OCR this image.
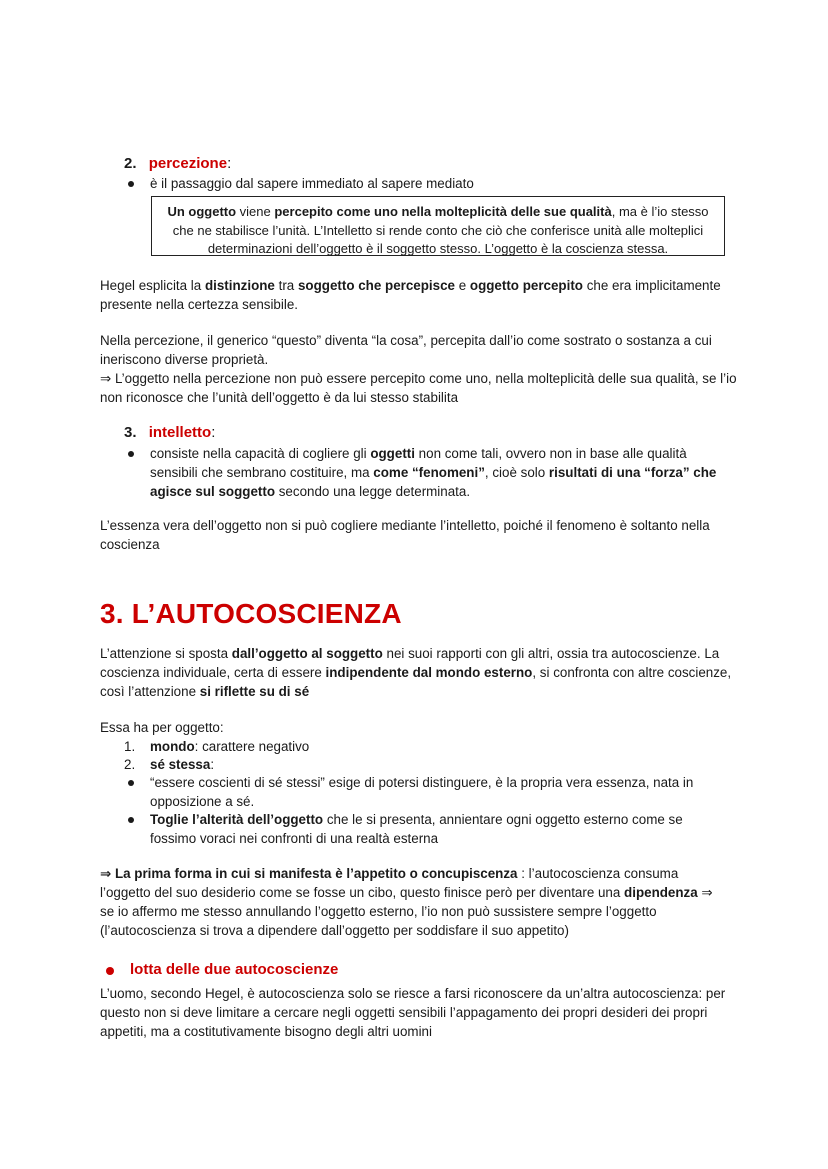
2. percezione:
è il passaggio dal sapere immediato al sapere mediato
Un oggetto viene percepito come uno nella molteplicità delle sue qualità, ma è l’io stesso che ne stabilisce l’unità. L’Intelletto si rende conto che ciò che conferisce unità alle molteplici determinazioni dell’oggetto è il soggetto stesso. L’oggetto è la coscienza stessa.
Hegel esplicita la distinzione tra soggetto che percepisce e oggetto percepito che era implicitamente presente nella certezza sensibile.
Nella percezione, il generico “questo” diventa “la cosa”, percepita dall’io come sostrato o sostanza a cui ineriscono diverse proprietà.
⇒ L’oggetto nella percezione non può essere percepito come uno, nella molteplicità delle sua qualità, se l’io non riconosce che l’unità dell’oggetto è da lui stesso stabilita
3. intelletto:
consiste nella capacità di cogliere gli oggetti non come tali, ovvero non in base alle qualità sensibili che sembrano costituire, ma come “fenomeni”, cioè solo risultati di una “forza” che agisce sul soggetto secondo una legge determinata.
L’essenza vera dell’oggetto non si può cogliere mediante l’intelletto, poiché il fenomeno è soltanto nella coscienza
3. L’AUTOCOSCIENZA
L’attenzione si sposta dall’oggetto al soggetto nei suoi rapporti con gli altri, ossia tra autocoscienze. La coscienza individuale, certa di essere indipendente dal mondo esterno, si confronta con altre coscienze, così l’attenzione si riflette su di sé
Essa ha per oggetto:
1. mondo: carattere negativo
2. sé stessa:
“essere coscienti di sé stessi” esige di potersi distinguere, è la propria vera essenza, nata in opposizione a sé.
Toglie l’alterità dell’oggetto che le si presenta, annientare ogni oggetto esterno come se fossimo voraci nei confronti di una realtà esterna
⇒ La prima forma in cui si manifesta è l’appetito o concupiscenza : l’autocoscienza consuma l’oggetto del suo desiderio come se fosse un cibo, questo finisce però per diventare una dipendenza ⇒ se io affermo me stesso annullando l’oggetto esterno, l’io non può sussistere sempre l’oggetto (l’autocoscienza si trova a dipendere dall’oggetto per soddisfare il suo appetito)
lotta delle due autocoscienze
L’uomo, secondo Hegel, è autocoscienza solo se riesce a farsi riconoscere da un’altra autocoscienza: per questo non si deve limitare a cercare negli oggetti sensibili l’appagamento dei propri desideri dei propri appetiti, ma a costitutivamente bisogno degli altri uomini
